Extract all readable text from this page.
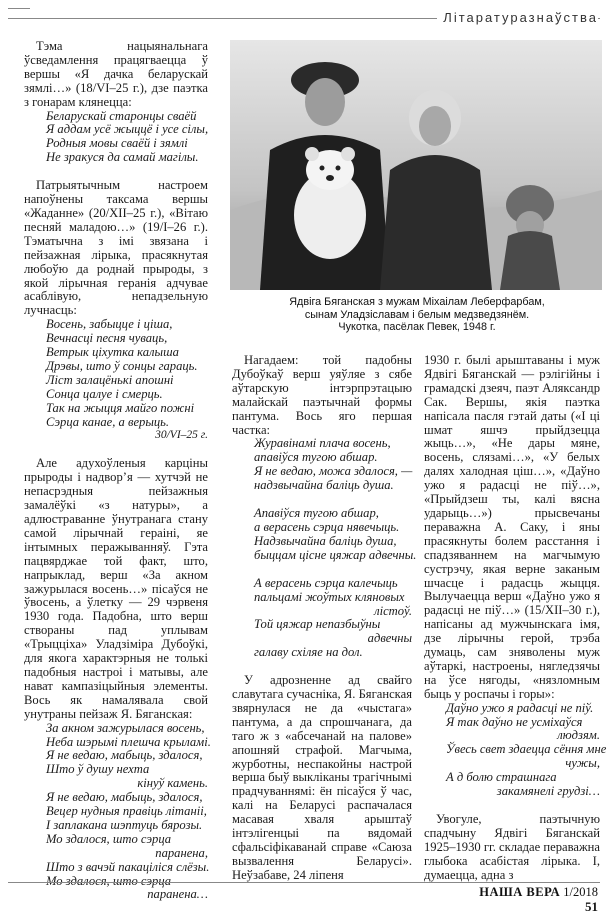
Літаратуразнаўства
Ядвіга Бяганская з мужам Міхаілам Леберфарбам,
сынам Уладзіславам і белым медзведзянём.
Чукотка, пасёлак Певек, 1948 г.

Тэма нацыянальнага ўсведамлення працягваецца ў вершы «Я дачка беларускай зямлі…» (18/VI–25 г.), дзе паэтка з гонарам клянецца:

Беларускай старонцы сваёй

Я аддам усё жыццё і усе сілы,

Родныя мовы сваёй і зямлі

Не зракуся да самай магілы.

Патрыятычным настроем напоўнены таксама вершы «Жаданне» (20/XII–25 г.), «Вітаю песняй маладою…» (19/I–26 г.). Тэматычна з імі звязана і пейзажная лірыка, прасякнутая любоўю да роднай прыроды, з якой лірычная геранія адчувае асаблівую, непадзельную лучнасць:

Восень, забыцце і ціша,

Вечнасці песня чуваць,

Ветрык ціхутка калыша

Дрэвы, што ў сонцы гараць.

Ліст залацёнькі апошні

Сонца цалуе і смерць.

Так на жыцця майго пожні

Сэрца канае, а верыць.

30/VI–25 г.

Але адухоўленыя карціны прыроды і надвор’я — хутчэй не непасрэдныя пейзажныя замалёўкі «з натуры», а адлюстраванне ўнутранага стану самой лірычнай гераіні, яе інтымных перажыванняў. Гэта пацвярджае той факт, што, напрыклад, верш «За акном зажурылася восень…» пісаўся не ўвосень, а ўлетку — 29 чэрвеня 1930 года. Падобна, што верш створаны пад уплывам «Трыцціха» Уладзіміра Дубоўкі, для якога характэрныя не толькі падобныя настроі і матывы, але нават кампазіцыйныя элементы. Вось як намалявала свой унутраны пейзаж Я. Бяганская:

За акном зажурылася восень,

Неба шэрымі плешча крыламі.

Я не ведаю, мабыць, здалося,

Што ў душу нехта

кінуў камень.

Я не ведаю, мабыць, здалося,

Вецер нудныя правіць літаніі,

І заплакана шэптуць бярозы.

Мо здалося, што сэрца

паранена,

Што з вачэй пакаціліся слёзы.

Мо здалося, што сэрца

паранена…

Нагадаем: той падобны Дубоўкаў верш уяўляе з сябе аўтарскую інтэрпрэтацыю малайскай паэтычнай формы пантума. Вось яго першая частка:

Журавінамі плача восень,

апавіўся тугою абшар.

Я не ведаю, можа здалося, —

надзвычайна баліць душа.

Апавіўся тугою абшар,

а верасень сэрца нявечыць.

Надзвычайна баліць душа,

быццам цісне цяжар адвечны.

А верасень сэрца калечыць

пальцамі жоўтых кляновых

лістоў.

Той цяжар непазбыўны

адвечны

галаву схіляе на дол.

У адрозненне ад свайго славутага сучасніка, Я. Бяганская звярнулася не да «чыстага» пантума, а да спрошчанага, да таго ж з «абсечанай на палове» апошняй страфой. Магчыма, журботны, неспакойны настрой верша быў выкліканы трагічнымі прадчуваннямі: ён пісаўся ў час, калі на Беларусі распачалася масавая хваля арыштаў інтэлігенцыі па вядомай сфальсіфікаванай справе «Саюза вызвалення Беларусі». Неўзабаве, 24 ліпеня

1930 г. былі арыштаваны і муж Ядвігі Бяганскай — рэлігійны і грамадскі дзеяч, паэт Аляксандр Сак. Вершы, якія паэтка напісала пасля гэтай даты («І ці шмат яшчэ прыйдзецца жыць…», «Не дары мяне, восень, слязамі…», «У белых далях халодная ціш…», «Даўно ужо я радасці не піў…», «Прыйдзеш ты, калі вясна ударыць…») прысвечаны пераважна А. Саку, і яны прасякнуты болем расстання і спадзяваннем на магчымую сустрэчу, якая верне заканым шчасце і радасць жыцця. Вылучаецца верш «Даўно ужо я радасці не піў…» (15/XII–30 г.), напісаны ад мужчынскага імя, дзе лірычны герой, трэба думаць, сам зняволены муж аўтаркі, настроены, нягледзячы на ўсе нягоды, «нязломным быць у роспачы і горы»:

Даўно ужо я радасці не піў.

Я так даўно не усміхаўся

людзям.

Ўвесь свет здаецца сёння мне

чужы,

А д болю страшнага

закамянелі грудзі…

Увогуле, паэтычную спадчыну Ядвігі Бяганскай 1925–1930 гг. складае пераважна глыбока асабістая лірыка. І, думаецца, адна з

НАША ВЕРА 1/2018
51
